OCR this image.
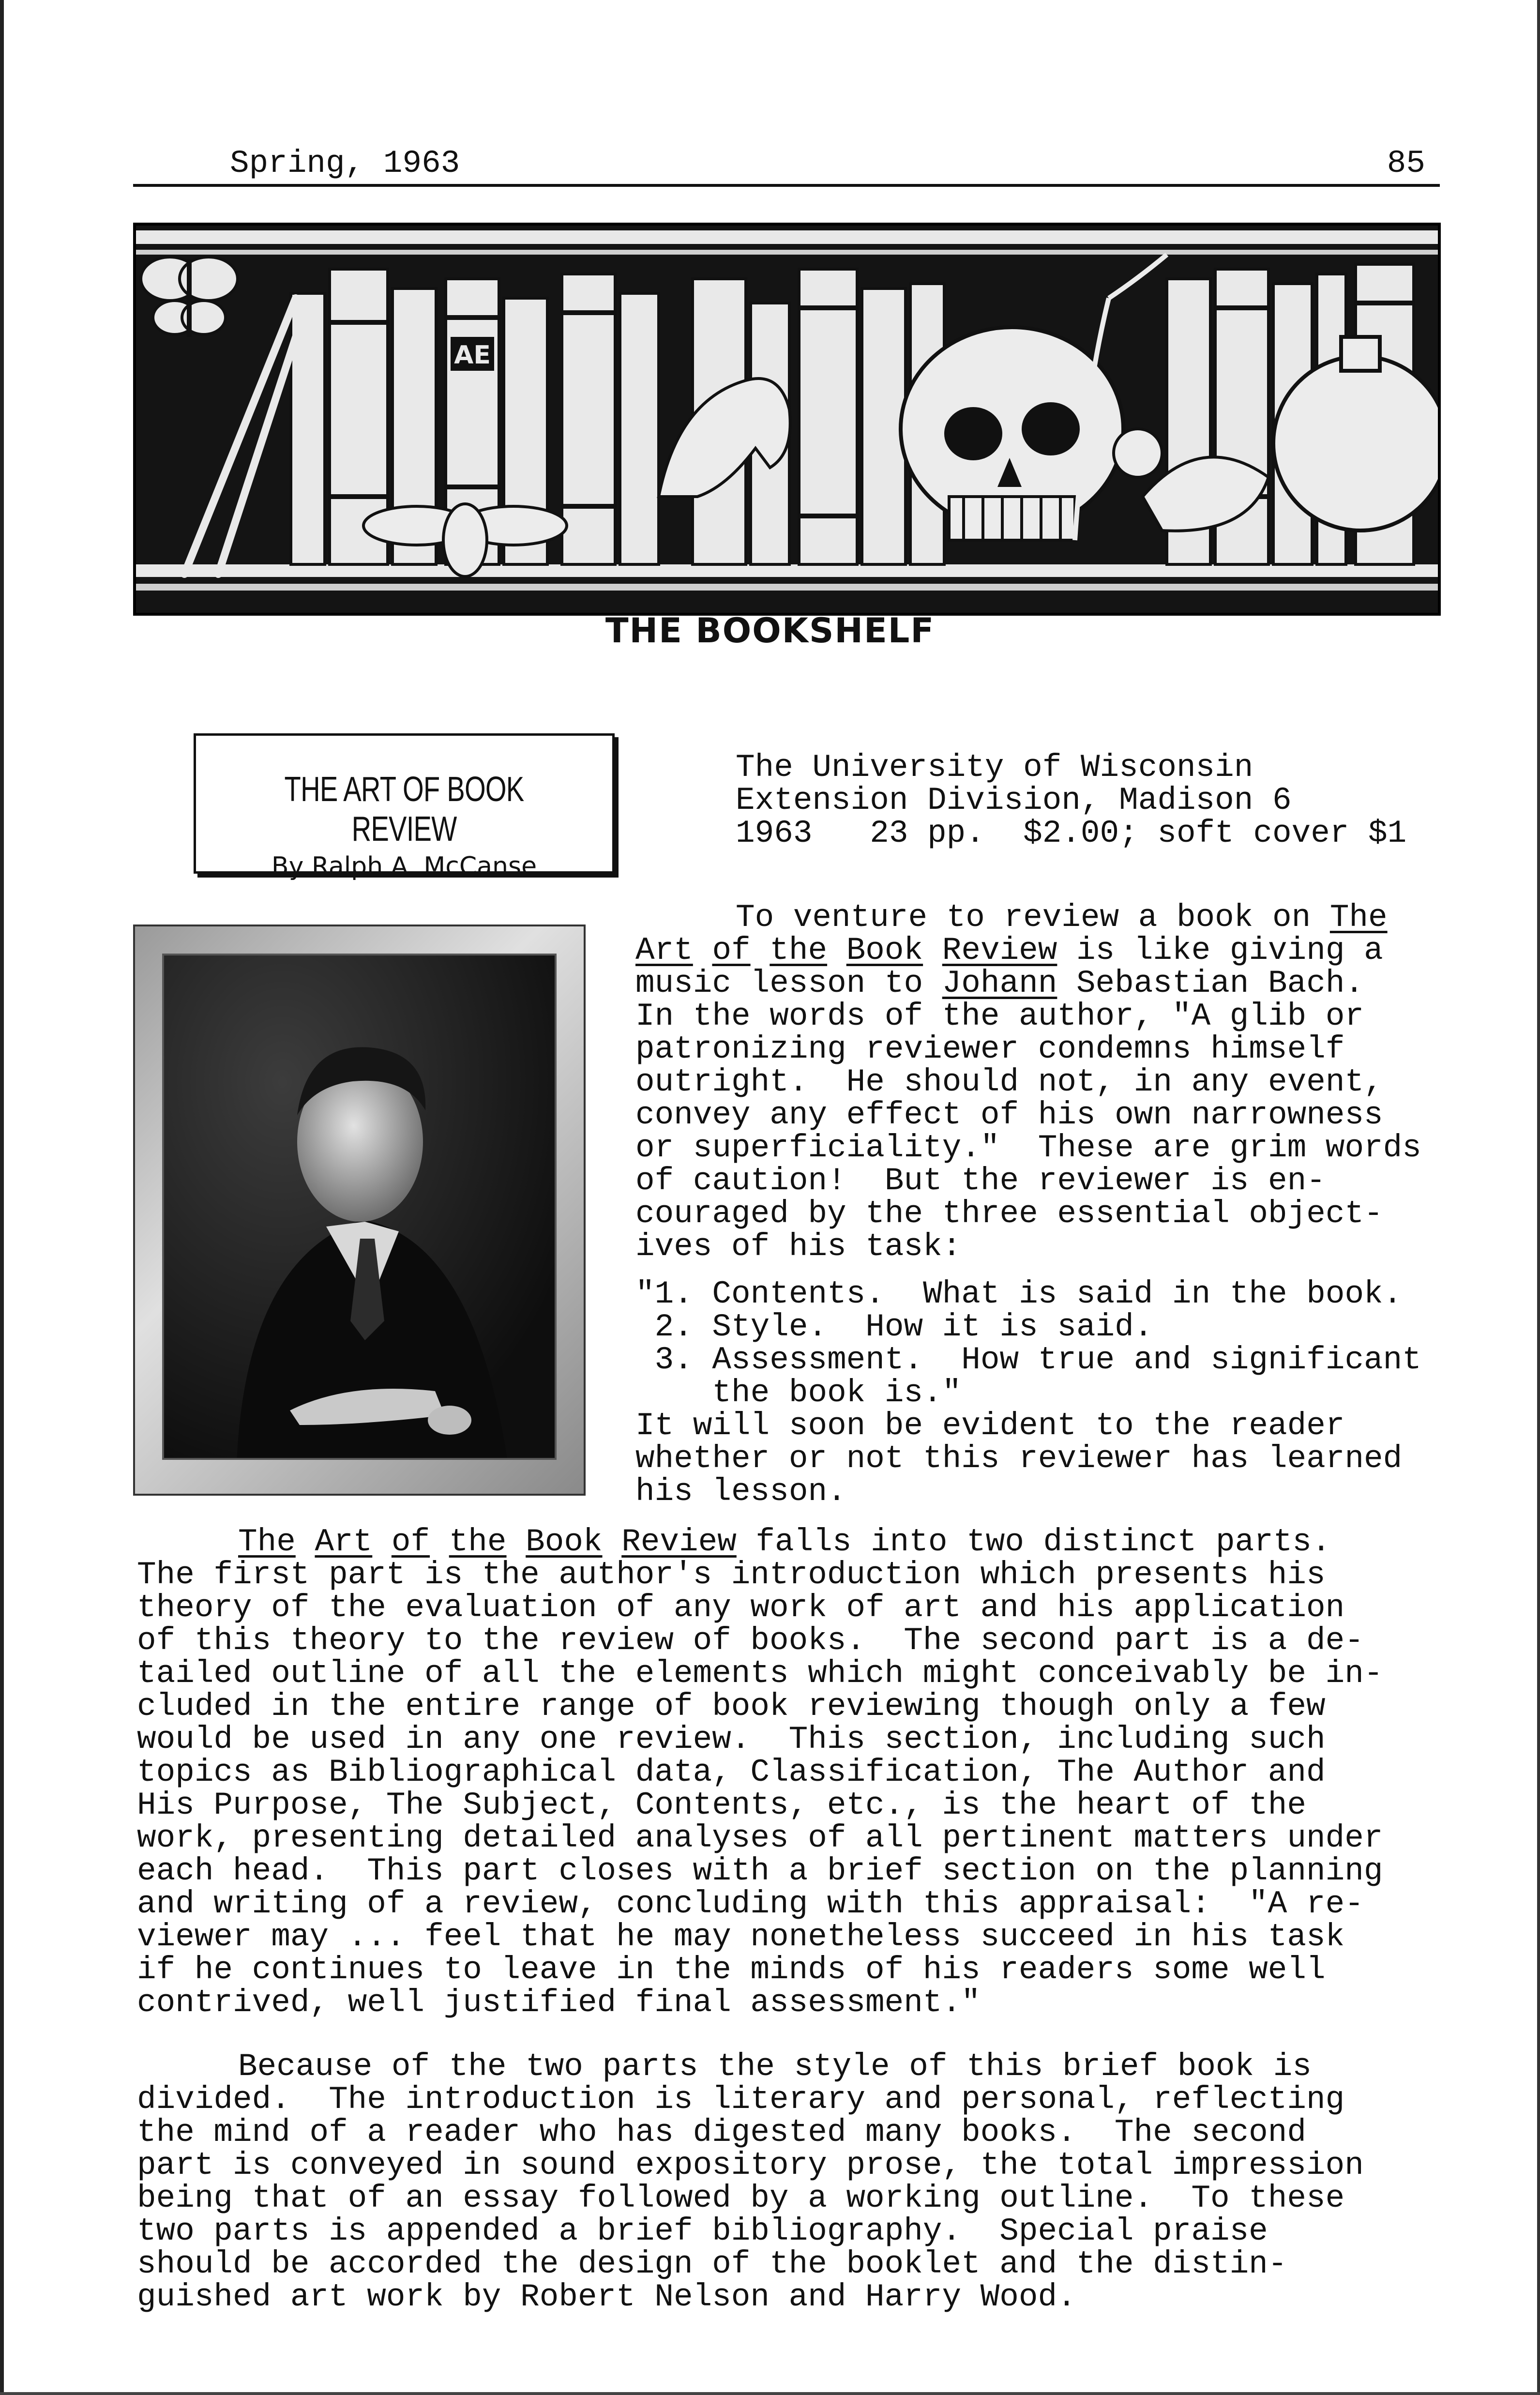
Spring, 1963	85
AE
THE BOOKSHELF
THE ART OF BOOK REVIEW
By Ralph A. McCanse
The University of Wisconsin
Extension Division, Madison 6
1963   23 pp.  $2.00; soft cover $1
To venture to review a book on The
Art of the Book Review is like giving a
music lesson to Johann Sebastian Bach.
In the words of the author, "A glib or
patronizing reviewer condemns himself
outright.  He should not, in any event,
convey any effect of his own narrowness
or superficiality."  These are grim words
of caution!  But the reviewer is en-
couraged by the three essential object-
ives of his task:
"1. Contents.  What is said in the book.
2. Style.  How it is said.
3. Assessment.  How true and significant
the book is."
It will soon be evident to the reader
whether or not this reviewer has learned
his lesson.
The Art of the Book Review falls into two distinct parts.
The first part is the author's introduction which presents his
theory of the evaluation of any work of art and his application
of this theory to the review of books.  The second part is a de-
tailed outline of all the elements which might conceivably be in-
cluded in the entire range of book reviewing though only a few
would be used in any one review.  This section, including such
topics as Bibliographical data, Classification, The Author and
His Purpose, The Subject, Contents, etc., is the heart of the
work, presenting detailed analyses of all pertinent matters under
each head.  This part closes with a brief section on the planning
and writing of a review, concluding with this appraisal:  "A re-
viewer may ... feel that he may nonetheless succeed in his task
if he continues to leave in the minds of his readers some well
contrived, well justified final assessment."
Because of the two parts the style of this brief book is
divided.  The introduction is literary and personal, reflecting
the mind of a reader who has digested many books.  The second
part is conveyed in sound expository prose, the total impression
being that of an essay followed by a working outline.  To these
two parts is appended a brief bibliography.  Special praise
should be accorded the design of the booklet and the distin-
guished art work by Robert Nelson and Harry Wood.
